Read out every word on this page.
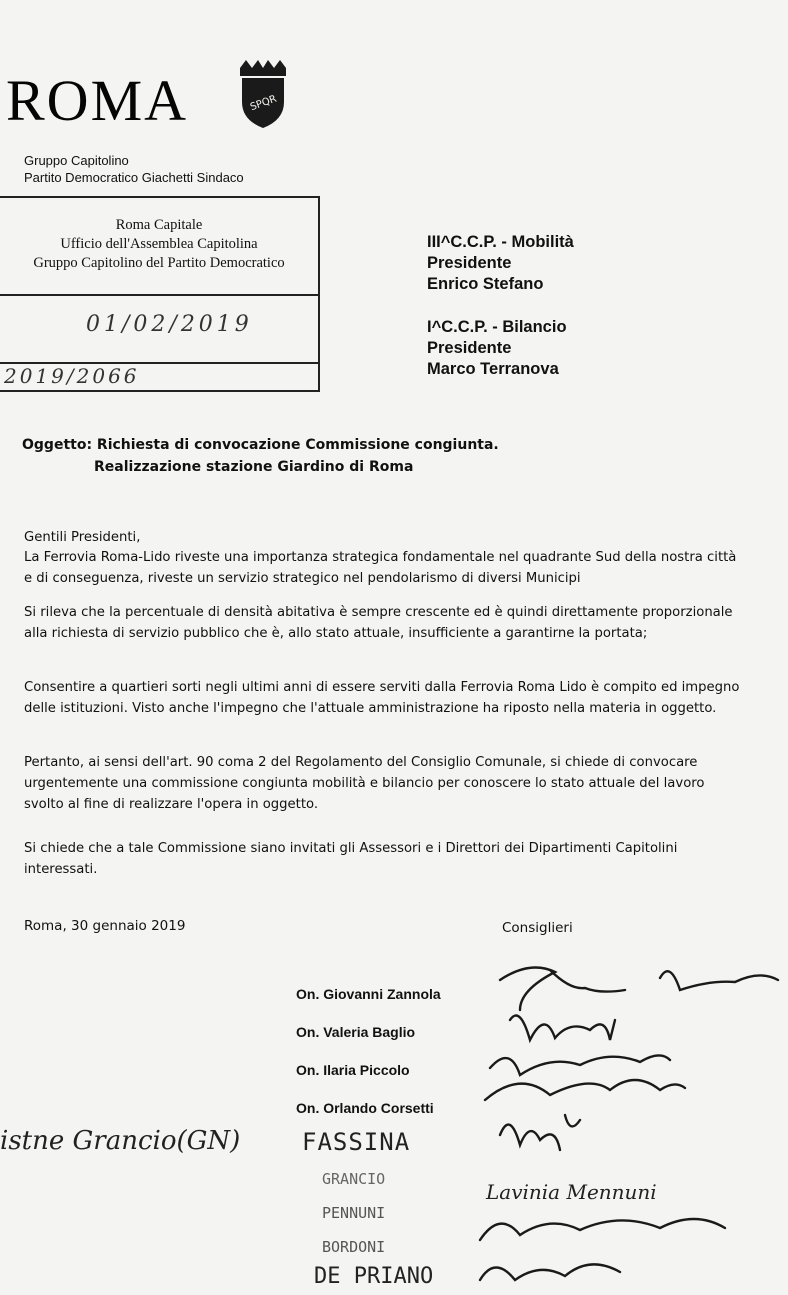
ROMA	SPQR
Gruppo Capitolino
Partito Democratico Giachetti Sindaco
Roma Capitale
Ufficio dell'Assemblea Capitolina
Gruppo Capitolino del Partito Democratico
01/02/2019
2019/2066
III^C.C.P. - Mobilità
Presidente
Enrico Stefano
I^C.C.P. - Bilancio
Presidente
Marco Terranova
Oggetto: Richiesta di convocazione Commissione congiunta.
Realizzazione stazione Giardino di Roma
Gentili Presidenti,
La Ferrovia Roma-Lido riveste una importanza strategica fondamentale nel quadrante Sud della nostra città e di conseguenza, riveste un servizio strategico nel pendolarismo di diversi Municipi
Si rileva che la percentuale di densità abitativa è sempre crescente ed è quindi direttamente proporzionale alla richiesta di servizio pubblico che è, allo stato attuale, insufficiente a garantirne la portata;
Consentire a quartieri sorti negli ultimi anni di essere serviti dalla Ferrovia Roma Lido è compito ed impegno delle istituzioni. Visto anche l'impegno che l'attuale amministrazione ha riposto nella materia in oggetto.
Pertanto, ai sensi dell'art. 90 coma 2 del Regolamento del Consiglio Comunale, si chiede di convocare urgentemente una commissione congiunta mobilità e bilancio per conoscere lo stato attuale del lavoro svolto al fine di realizzare l'opera in oggetto.
Si chiede che a tale Commissione siano invitati gli Assessori e i Direttori dei Dipartimenti Capitolini interessati.
Roma, 30 gennaio 2019	Consiglieri
On. Giovanni Zannola
On. Valeria Baglio
On. Ilaria Piccolo
On. Orlando Corsetti
istne Grancio(GN)	FASSINA
GRANCIO
PENNUNI
BORDONI
DE PRIANO
Lavinia Mennuni
